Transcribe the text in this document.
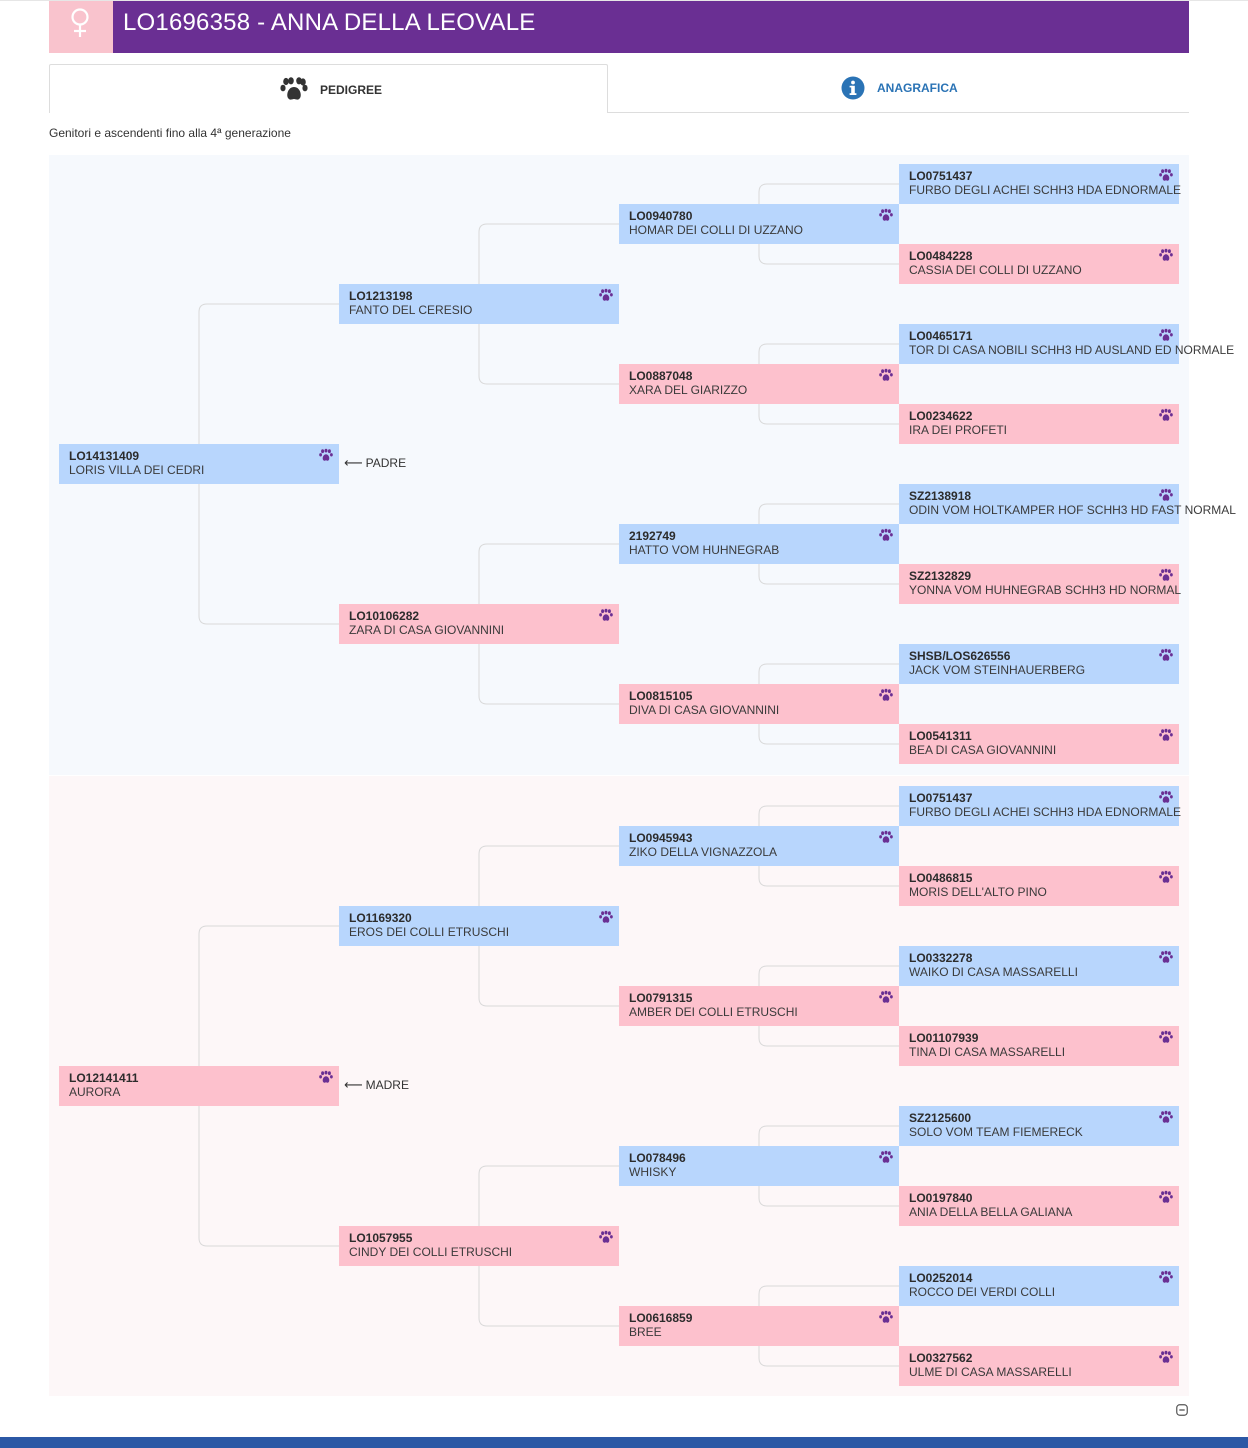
LO1696358 - ANNA DELLA LEOVALE
PEDIGREE	ANAGRAFICA
Genitori e ascendenti fino alla 4ª generazione
LO14131409
LORIS VILLA DEI CEDRI
LO12141411
AURORA
LO1213198
FANTO DEL CERESIO
LO10106282
ZARA DI CASA GIOVANNINI
LO1169320
EROS DEI COLLI ETRUSCHI
LO1057955
CINDY DEI COLLI ETRUSCHI
LO0940780
HOMAR DEI COLLI DI UZZANO
LO0887048
XARA DEL GIARIZZO
2192749
HATTO VOM HUHNEGRAB
LO0815105
DIVA DI CASA GIOVANNINI
LO0945943
ZIKO DELLA VIGNAZZOLA
LO0791315
AMBER DEI COLLI ETRUSCHI
LO078496
WHISKY
LO0616859
BREE
LO0751437
FURBO DEGLI ACHEI SCHH3 HDA EDNORMALE
LO0484228
CASSIA DEI COLLI DI UZZANO
LO0465171
TOR DI CASA NOBILI SCHH3 HD AUSLAND ED NORMALE
LO0234622
IRA DEI PROFETI
SZ2138918
ODIN VOM HOLTKAMPER HOF SCHH3 HD FAST NORMAL
SZ2132829
YONNA VOM HUHNEGRAB SCHH3 HD NORMAL
SHSB/LOS626556
JACK VOM STEINHAUERBERG
LO0541311
BEA DI CASA GIOVANNINI
LO0751437
FURBO DEGLI ACHEI SCHH3 HDA EDNORMALE
LO0486815
MORIS DELL'ALTO PINO
LO0332278
WAIKO DI CASA MASSARELLI
LO01107939
TINA DI CASA MASSARELLI
SZ2125600
SOLO VOM TEAM FIEMERECK
LO0197840
ANIA DELLA BELLA GALIANA
LO0252014
ROCCO DEI VERDI COLLI
LO0327562
ULME DI CASA MASSARELLI
⟵ PADRE
⟵ MADRE
